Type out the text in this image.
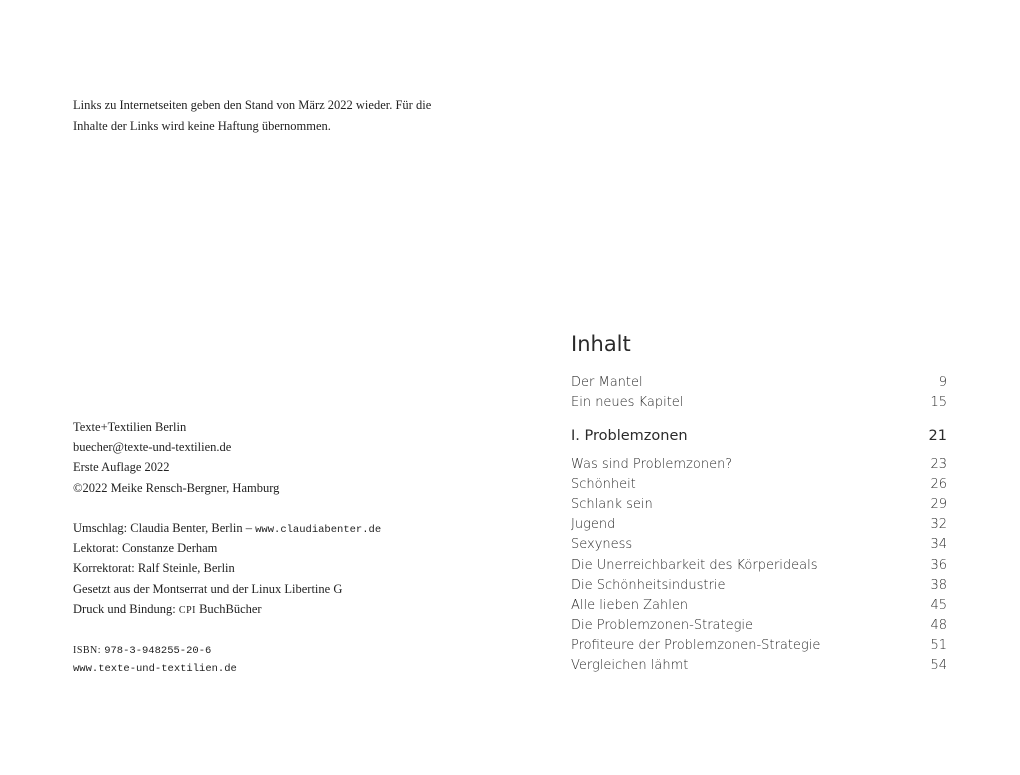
Links zu Internetseiten geben den Stand von März 2022 wieder. Für die

Inhalte der Links wird keine Haftung übernommen.

Texte+Textilien Berlin
buecher@texte-und-textilien.de
Erste Auflage 2022
©2022 Meike Rensch-Bergner, Hamburg
Umschlag: Claudia Benter, Berlin – www.claudiabenter.de
Lektorat: Constanze Derham
Korrektorat: Ralf Steinle, Berlin
Gesetzt aus der Montserrat und der Linux Libertine G
Druck und Bindung: CPI BuchBücher
ISBN: 978-3-948255-20-6
www.texte-und-textilien.de
Inhalt
Der Mantel	9
Ein neues Kapitel	15
I. Problemzonen	21
Was sind Problemzonen?	23
Schönheit	26
Schlank sein	29
Jugend	32
Sexyness	34
Die Unerreichbarkeit des Körperideals	36
Die Schönheitsindustrie	38
Alle lieben Zahlen	45
Die Problemzonen-Strategie	48
Profiteure der Problemzonen-Strategie	51
Vergleichen lähmt	54
